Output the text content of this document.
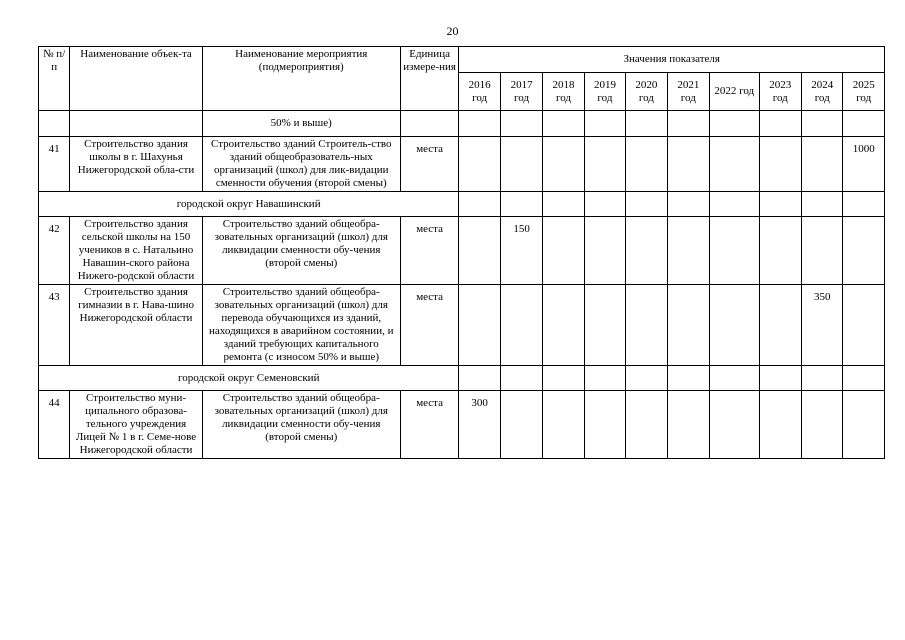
20
№ п/п	Наименование объек-та	Наименование мероприятия (подмероприятия)	Единица измере-ния	Значения показателя									
				2016 год	2017 год	2018 год	2019 год	2020 год	2021 год	2022 год	2023 год	2024 год	2025 год
		50% и выше)											
41	Строительство здания школы в г. Шахунья Нижегородской обла-сти	Строительство зданий Строитель-ство зданий общеобразователь-ных организаций (школ) для лик-видации сменности обучения (второй смены)	места										1000
городской округ Навашинский													
42	Строительство здания сельской школы на 150 учеников в с. Натальино Навашин-ского района Нижего-родской области	Строительство зданий общеобра-зовательных организаций (школ) для ликвидации сменности обу-чения (второй смены)	места		150								
43	Строительство здания гимназии в г. Нава-шино Нижегородской области	Строительство зданий общеобра-зовательных организаций (школ) для перевода обучающихся из зданий, находящихся в аварийном состоянии, и зданий требующих капитального ремонта (с износом 50% и выше)	места									350	
городской округ Семеновский													
44	Строительство муни-ципального образова-тельного учреждения Лицей № 1 в г. Семе-нове Нижегородской области	Строительство зданий общеобра-зовательных организаций (школ) для ликвидации сменности обу-чения (второй смены)	места	300									
